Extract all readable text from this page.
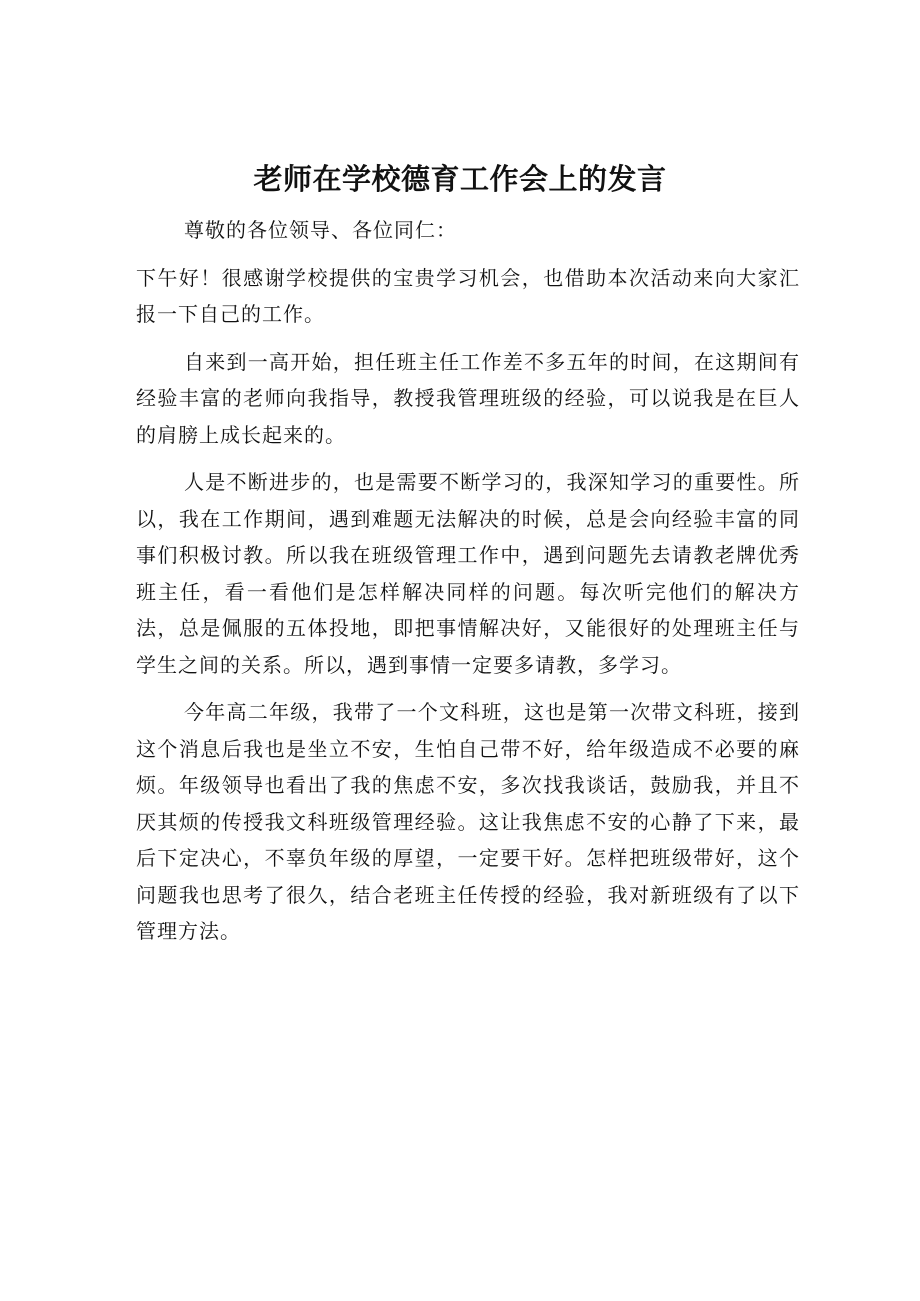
老师在学校德育工作会上的发言

尊敬的各位领导、各位同仁：

下午好！很感谢学校提供的宝贵学习机会，也借助本次活动来向大家汇报一下自己的工作。

自来到一高开始，担任班主任工作差不多五年的时间，在这期间有经验丰富的老师向我指导，教授我管理班级的经验，可以说我是在巨人的肩膀上成长起来的。

人是不断进步的，也是需要不断学习的，我深知学习的重要性。所以，我在工作期间，遇到难题无法解决的时候，总是会向经验丰富的同事们积极讨教。所以我在班级管理工作中，遇到问题先去请教老牌优秀班主任，看一看他们是怎样解决同样的问题。每次听完他们的解决方法，总是佩服的五体投地，即把事情解决好，又能很好的处理班主任与学生之间的关系。所以，遇到事情一定要多请教，多学习。

今年高二年级，我带了一个文科班，这也是第一次带文科班，接到这个消息后我也是坐立不安，生怕自己带不好，给年级造成不必要的麻烦。年级领导也看出了我的焦虑不安，多次找我谈话，鼓励我，并且不厌其烦的传授我文科班级管理经验。这让我焦虑不安的心静了下来，最后下定决心，不辜负年级的厚望，一定要干好。怎样把班级带好，这个问题我也思考了很久，结合老班主任传授的经验，我对新班级有了以下管理方法。
